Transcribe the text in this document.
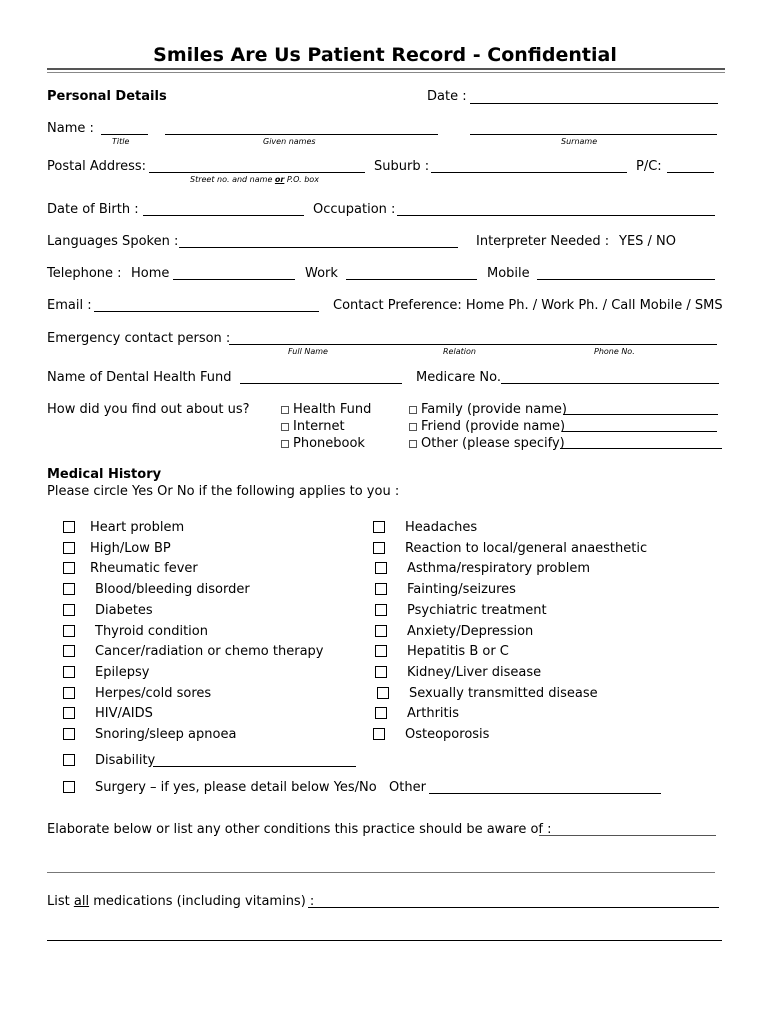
Smiles Are Us Patient Record - Confidential
Personal Details	Date :
Name :
Title	Given names	Surname
Postal Address:
Street no. and name or P.O. box
Suburb :	P/C:
Date of Birth :	Occupation :
Languages Spoken :	Interpreter Needed : YES / NO
Telephone : Home	Work	Mobile
Email :	Contact Preference: Home Ph. / Work Ph. / Call Mobile / SMS
Emergency contact person :
Full Name	Relation	Phone No.
Name of Dental Health Fund	Medicare No.
How did you find out about us?	Health Fund
Internet
Phonebook
Family (provide name)
Friend (provide name)
Other (please specify)
Medical History
Please circle Yes Or No if the following applies to you :
Heart problem
High/Low BP
Rheumatic fever
Blood/bleeding disorder
Diabetes
Thyroid condition
Cancer/radiation or chemo therapy
Epilepsy
Herpes/cold sores
HIV/AIDS
Snoring/sleep apnoea
Headaches
Reaction to local/general anaesthetic
Asthma/respiratory problem
Fainting/seizures
Psychiatric treatment
Anxiety/Depression
Hepatitis B or C
Kidney/Liver disease
Sexually transmitted disease
Arthritis
Osteoporosis
Disability
Surgery – if yes, please detail below Yes/No Other
Elaborate below or list any other conditions this practice should be aware of :
List all medications (including vitamins) :
